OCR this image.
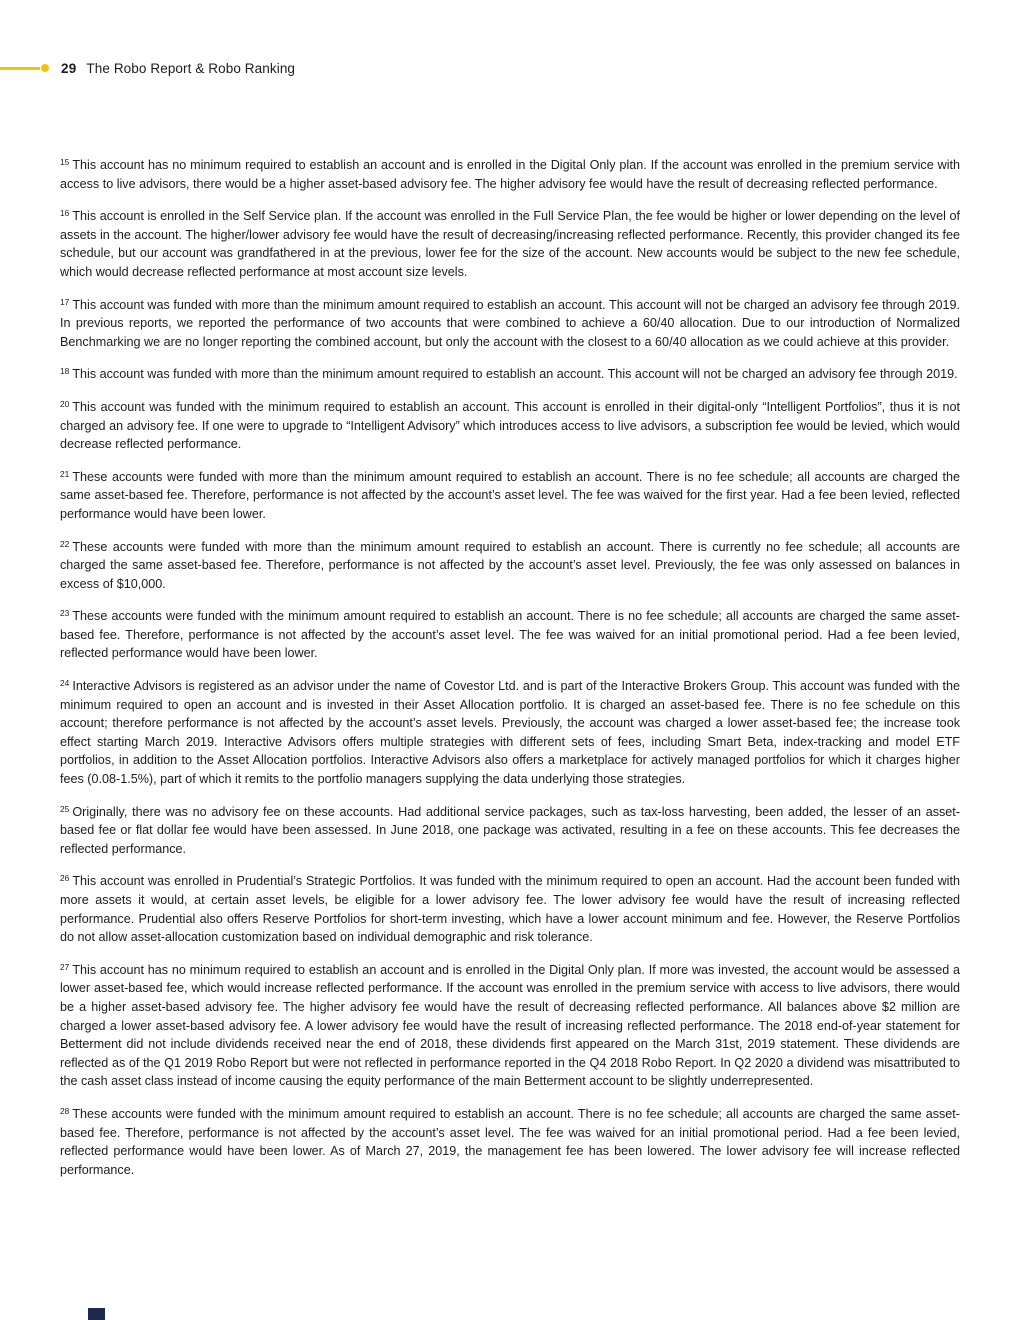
29 The Robo Report & Robo Ranking

$^{15}$ This account has no minimum required to establish an account and is enrolled in the Digital Only plan. If the account was enrolled in the premium service with access to live advisors, there would be a higher asset-based advisory fee. The higher advisory fee would have the result of decreasing reflected performance.

$^{16}$ This account is enrolled in the Self Service plan. If the account was enrolled in the Full Service Plan, the fee would be higher or lower depending on the level of assets in the account. The higher/lower advisory fee would have the result of decreasing/increasing reflected performance. Recently, this provider changed its fee schedule, but our account was grandfathered in at the previous, lower fee for the size of the account. New accounts would be subject to the new fee schedule, which would decrease reflected performance at most account size levels.

$^{17}$ This account was funded with more than the minimum amount required to establish an account. This account will not be charged an advisory fee through 2019. In previous reports, we reported the performance of two accounts that were combined to achieve a 60/40 allocation. Due to our introduction of Normalized Benchmarking we are no longer reporting the combined account, but only the account with the closest to a 60/40 allocation as we could achieve at this provider.

$^{18}$ This account was funded with more than the minimum amount required to establish an account. This account will not be charged an advisory fee through 2019.

$^{20}$ This account was funded with the minimum required to establish an account. This account is enrolled in their digital-only “Intelligent Portfolios”, thus it is not charged an advisory fee. If one were to upgrade to “Intelligent Advisory” which introduces access to live advisors, a subscription fee would be levied, which would decrease reflected performance.

$^{21}$ These accounts were funded with more than the minimum amount required to establish an account. There is no fee schedule; all accounts are charged the same asset-based fee. Therefore, performance is not affected by the account’s asset level. The fee was waived for the first year. Had a fee been levied, reflected performance would have been lower.

$^{22}$ These accounts were funded with more than the minimum amount required to establish an account. There is currently no fee schedule; all accounts are charged the same asset-based fee. Therefore, performance is not affected by the account’s asset level. Previously, the fee was only assessed on balances in excess of $10,000.

$^{23}$ These accounts were funded with the minimum amount required to establish an account. There is no fee schedule; all accounts are charged the same asset-based fee. Therefore, performance is not affected by the account’s asset level. The fee was waived for an initial promotional period. Had a fee been levied, reflected performance would have been lower.

$^{24}$ Interactive Advisors is registered as an advisor under the name of Covestor Ltd. and is part of the Interactive Brokers Group. This account was funded with the minimum required to open an account and is invested in their Asset Allocation portfolio. It is charged an asset-based fee. There is no fee schedule on this account; therefore performance is not affected by the account’s asset levels. Previously, the account was charged a lower asset-based fee; the increase took effect starting March 2019. Interactive Advisors offers multiple strategies with different sets of fees, including Smart Beta, index-tracking and model ETF portfolios, in addition to the Asset Allocation portfolios. Interactive Advisors also offers a marketplace for actively managed portfolios for which it charges higher fees (0.08-1.5%), part of which it remits to the portfolio managers supplying the data underlying those strategies.

$^{25}$ Originally, there was no advisory fee on these accounts. Had additional service packages, such as tax-loss harvesting, been added, the lesser of an asset-based fee or flat dollar fee would have been assessed. In June 2018, one package was activated, resulting in a fee on these accounts. This fee decreases the reflected performance.

$^{26}$ This account was enrolled in Prudential’s Strategic Portfolios. It was funded with the minimum required to open an account. Had the account been funded with more assets it would, at certain asset levels, be eligible for a lower advisory fee. The lower advisory fee would have the result of increasing reflected performance. Prudential also offers Reserve Portfolios for short-term investing, which have a lower account minimum and fee. However, the Reserve Portfolios do not allow asset-allocation customization based on individual demographic and risk tolerance.

$^{27}$ This account has no minimum required to establish an account and is enrolled in the Digital Only plan. If more was invested, the account would be assessed a lower asset-based fee, which would increase reflected performance. If the account was enrolled in the premium service with access to live advisors, there would be a higher asset-based advisory fee. The higher advisory fee would have the result of decreasing reflected performance. All balances above $2 million are charged a lower asset-based advisory fee. A lower advisory fee would have the result of increasing reflected performance. The 2018 end-of-year statement for Betterment did not include dividends received near the end of 2018, these dividends first appeared on the March 31st, 2019 statement. These dividends are reflected as of the Q1 2019 Robo Report but were not reflected in performance reported in the Q4 2018 Robo Report. In Q2 2020 a dividend was misattributed to the cash asset class instead of income causing the equity performance of the main Betterment account to be slightly underrepresented.

$^{28}$ These accounts were funded with the minimum amount required to establish an account. There is no fee schedule; all accounts are charged the same asset-based fee. Therefore, performance is not affected by the account’s asset level. The fee was waived for an initial promotional period. Had a fee been levied, reflected performance would have been lower. As of March 27, 2019, the management fee has been lowered. The lower advisory fee will increase reflected performance.
